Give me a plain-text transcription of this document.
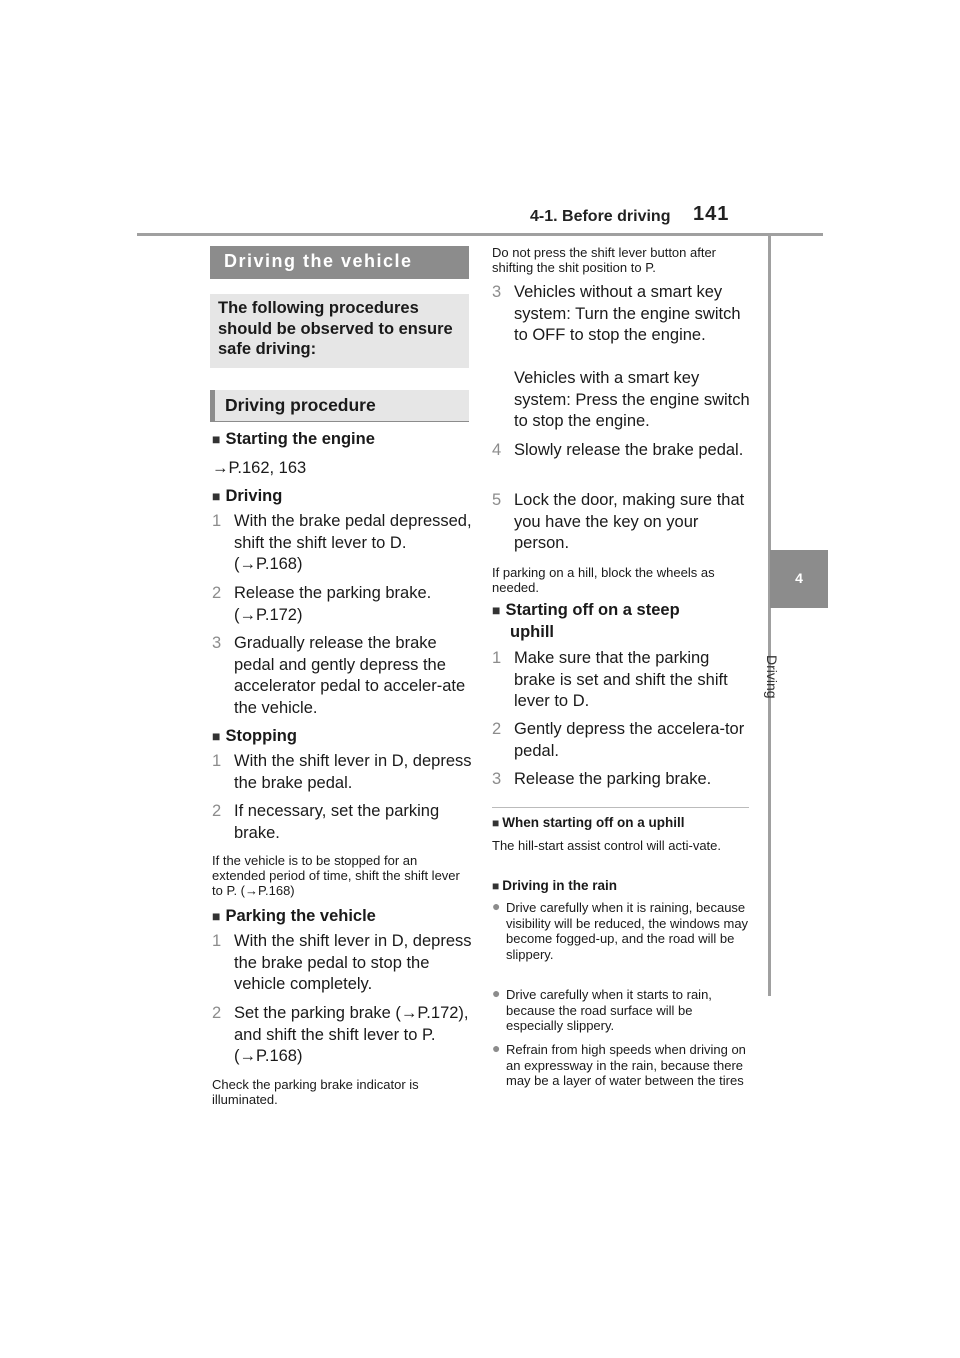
4-1. Before driving 141
4
Driving
Driving the vehicle
The following procedures should be observed to ensure safe driving:
Driving procedure
■ Starting the engine
→P.162, 163
■ Driving
1 With the brake pedal depressed, shift the shift lever to D. (→P.168)
2 Release the parking brake. (→P.172)
3 Gradually release the brake pedal and gently depress the accelerator pedal to acceler-ate the vehicle.
■ Stopping
1 With the shift lever in D, depress the brake pedal.
2 If necessary, set the parking brake.
If the vehicle is to be stopped for an extended period of time, shift the shift lever to P. (→P.168)
■ Parking the vehicle
1 With the shift lever in D, depress the brake pedal to stop the vehicle completely.
2 Set the parking brake (→P.172), and shift the shift lever to P. (→P.168)
Check the parking brake indicator is illuminated.
Do not press the shift lever button after shifting the shit position to P.
3 Vehicles without a smart key system: Turn the engine switch to OFF to stop the engine.
Vehicles with a smart key system: Press the engine switch to stop the engine.
4 Slowly release the brake pedal.
5 Lock the door, making sure that you have the key on your person.
If parking on a hill, block the wheels as needed.
■ Starting off on a steep
uphill
1 Make sure that the parking brake is set and shift the shift lever to D.
2 Gently depress the accelera-tor pedal.
3 Release the parking brake.
■ When starting off on a uphill
The hill-start assist control will acti-vate.
■ Driving in the rain
● Drive carefully when it is raining, because visibility will be reduced, the windows may become fogged-up, and the road will be slippery.
● Drive carefully when it starts to rain, because the road surface will be especially slippery.
● Refrain from high speeds when driving on an expressway in the rain, because there may be a layer of water between the tires
